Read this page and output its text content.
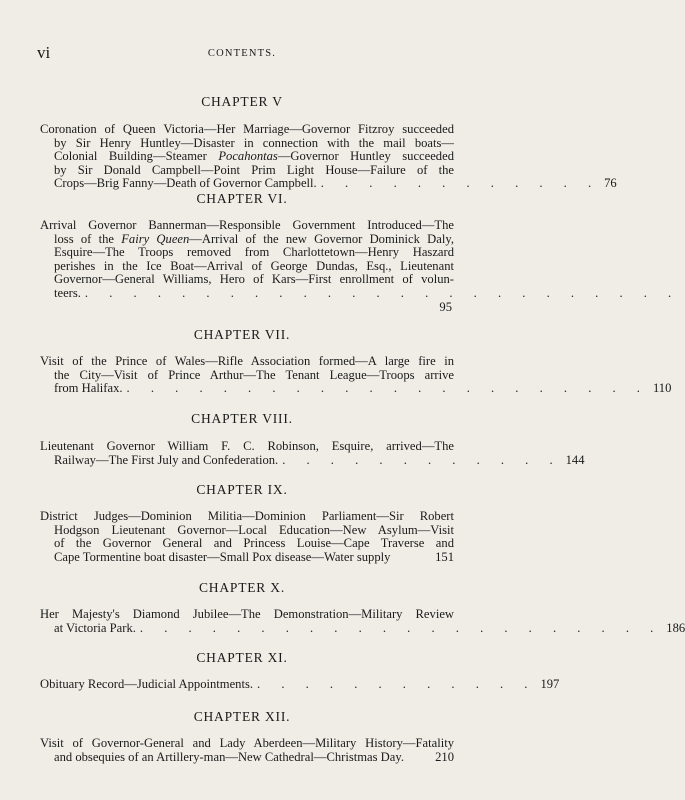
vi	CONTENTS.
CHAPTER V
Coronation of Queen Victoria—Her Marriage—Governor Fitzroy succeeded
by Sir Henry Huntley—Disaster in connection with the mail boats—
Colonial Building—Steamer Pocahontas—Governor Huntley succeeded
by Sir Donald Campbell—Point Prim Light House—Failure of the
Crops—Brig Fanny—Death of Governor Campbell. . . . . . . . . . . . . 76
CHAPTER VI.
Arrival Governor Bannerman—Responsible Government Introduced—The
loss of the Fairy Queen—Arrival of the new Governor Dominick Daly,
Esquire—The Troops removed from Charlottetown—Henry Haszard
perishes in the Ice Boat—Arrival of George Dundas, Esq., Lieutenant
Governor—General Williams, Hero of Kars—First enrollment of volun-
teers. . . . . . . . . . . . . . . . . . . . . . . . . .
95
CHAPTER VII.
Visit of the Prince of Wales—Rifle Association formed—A large fire in
the City—Visit of Prince Arthur—The Tenant League—Troops arrive
from Halifax. . . . . . . . . . . . . . . . . . . . . . . 110
CHAPTER VIII.
Lieutenant Governor William F. C. Robinson, Esquire, arrived—The
Railway—The First July and Confederation. . . . . . . . . . . . . 144
CHAPTER IX.
District Judges—Dominion Militia—Dominion Parliament—Sir Robert
Hodgson Lieutenant Governor—Local Education—New Asylum—Visit
of the Governor General and Princess Louise—Cape Traverse and
Cape Tormentine boat disaster—Small Pox disease—Water supply	151
CHAPTER X.
Her Majesty's Diamond Jubilee—The Demonstration—Military Review
at Victoria Park. . . . . . . . . . . . . . . . . . . . . . . 186
CHAPTER XI.
Obituary Record—Judicial Appointments. . . . . . . . . . . . . 197
CHAPTER XII.
Visit of Governor-General and Lady Aberdeen—Military History—Fatality
and obsequies of an Artillery-man—New Cathedral—Christmas Day. 210
